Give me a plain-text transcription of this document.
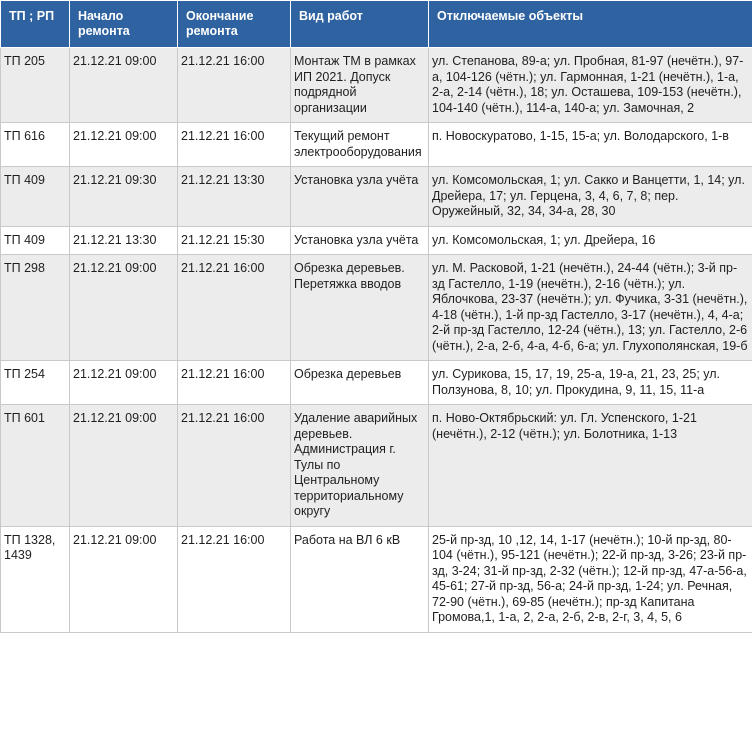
ТП ; РП	Начало ремонта	Окончание ремонта	Вид работ	Отключаемые объекты
ТП 205	21.12.21 09:00	21.12.21 16:00	Монтаж ТМ в рамках ИП 2021. Допуск подрядной организации	ул. Степанова, 89-а; ул. Пробная, 81-97 (нечётн.), 97-а, 104-126 (чётн.); ул. Гармонная, 1-21 (нечётн.), 1-а, 2-а, 2-14 (чётн.), 18; ул. Осташева, 109-153 (нечётн.), 104-140 (чётн.), 114-а, 140-а; ул. Замочная, 2
ТП 616	21.12.21 09:00	21.12.21 16:00	Текущий ремонт электрооборудования	п. Новоскуратово, 1-15, 15-а; ул. Володарского, 1-в
ТП 409	21.12.21 09:30	21.12.21 13:30	Установка узла учёта	ул. Комсомольская, 1; ул. Сакко и Ванцетти, 1, 14; ул. Дрейера, 17; ул. Герцена, 3, 4, 6, 7, 8; пер. Оружейный, 32, 34, 34-а, 28, 30
ТП 409	21.12.21 13:30	21.12.21 15:30	Установка узла учёта	ул. Комсомольская, 1; ул. Дрейера, 16
ТП 298	21.12.21 09:00	21.12.21 16:00	Обрезка деревьев. Перетяжка вводов	ул. М. Расковой, 1-21 (нечётн.), 24-44 (чётн.); 3-й пр-зд Гастелло, 1-19 (нечётн.), 2-16 (чётн.); ул. Яблочкова, 23-37 (нечётн.); ул. Фучика, 3-31 (нечётн.), 4-18 (чётн.), 1-й пр-зд Гастелло, 3-17 (нечётн.), 4, 4-а; 2-й пр-зд Гастелло, 12-24 (чётн.), 13; ул. Гастелло, 2-6 (чётн.), 2-а, 2-б, 4-а, 4-б, 6-а; ул. Глухополянская, 19-б
ТП 254	21.12.21 09:00	21.12.21 16:00	Обрезка деревьев	ул. Сурикова, 15, 17, 19, 25-а, 19-а, 21, 23, 25; ул. Ползунова, 8, 10; ул. Прокудина, 9, 11, 15, 11-а
ТП 601	21.12.21 09:00	21.12.21 16:00	Удаление аварийных деревьев. Администрация г. Тулы по Центральному территориальному округу	п. Ново-Октябрьский: ул. Гл. Успенского, 1-21 (нечётн.), 2-12 (чётн.); ул. Болотника, 1-13
ТП 1328, 1439	21.12.21 09:00	21.12.21 16:00	Работа на ВЛ 6 кВ	25-й пр-зд, 10 ,12, 14, 1-17 (нечётн.); 10-й пр-зд, 80-104 (чётн.), 95-121 (нечётн.); 22-й пр-зд, 3-26; 23-й пр-зд, 3-24; 31-й пр-зд, 2-32 (чётн.); 12-й пр-зд, 47-а-56-а, 45-61; 27-й пр-зд, 56-а; 24-й пр-зд, 1-24; ул. Речная, 72-90 (чётн.), 69-85 (нечётн.); пр-зд Капитана Громова,1, 1-а, 2, 2-а, 2-б, 2-в, 2-г, 3, 4, 5, 6
